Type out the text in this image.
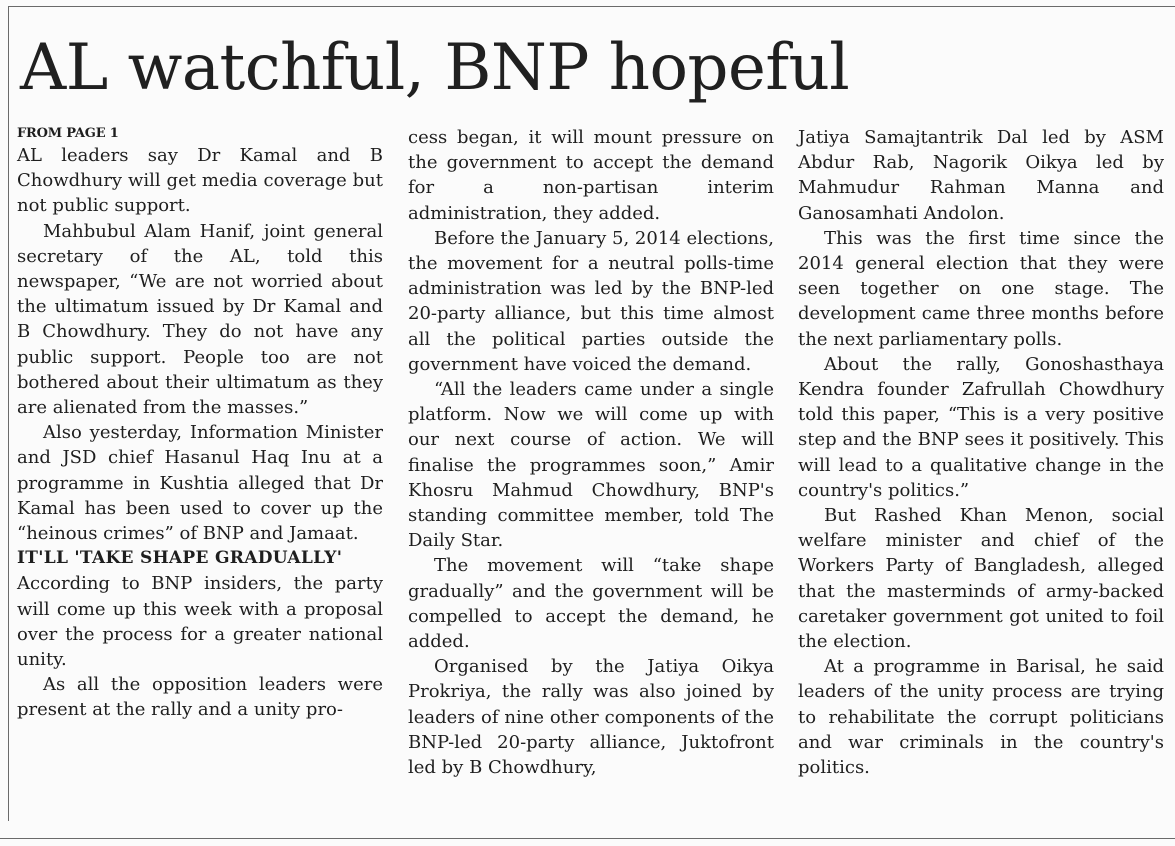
AL watchful, BNP hopeful
FROM PAGE 1

AL leaders say Dr Kamal and B Chowdhury will get media coverage but not public support.

Mahbubul Alam Hanif, joint general secretary of the AL, told this newspaper, “We are not worried about the ultimatum issued by Dr Kamal and B Chowdhury. They do not have any public support. People too are not bothered about their ultimatum as they are alienated from the masses.”

Also yesterday, Information Minister and JSD chief Hasanul Haq Inu at a programme in Kushtia alleged that Dr Kamal has been used to cover up the “heinous crimes” of BNP and Jamaat.

IT'LL 'TAKE SHAPE GRADUALLY'

According to BNP insiders, the party will come up this week with a proposal over the process for a greater national unity.

As all the opposition leaders were present at the rally and a unity pro-

cess began, it will mount pressure on the government to accept the demand for a non-partisan interim administration, they added.

Before the January 5, 2014 elections, the movement for a neutral polls-time administration was led by the BNP-led 20-party alliance, but this time almost all the political parties outside the government have voiced the demand.

“All the leaders came under a single platform. Now we will come up with our next course of action. We will finalise the programmes soon,” Amir Khosru Mahmud Chowdhury, BNP's standing committee member, told The Daily Star.

The movement will “take shape gradually” and the government will be compelled to accept the demand, he added.

Organised by the Jatiya Oikya Prokriya, the rally was also joined by leaders of nine other components of the BNP-led 20-party alliance, Juktofront led by B Chowdhury,

Jatiya Samajtantrik Dal led by ASM Abdur Rab, Nagorik Oikya led by Mahmudur Rahman Manna and Ganosamhati Andolon.

This was the first time since the 2014 general election that they were seen together on one stage. The development came three months before the next parliamentary polls.

About the rally, Gonoshasthaya Kendra founder Zafrullah Chowdhury told this paper, “This is a very positive step and the BNP sees it positively. This will lead to a qualitative change in the country's politics.”

But Rashed Khan Menon, social welfare minister and chief of the Workers Party of Bangladesh, alleged that the masterminds of army-backed caretaker government got united to foil the election.

At a programme in Barisal, he said leaders of the unity process are trying to rehabilitate the corrupt politicians and war criminals in the country's politics.
